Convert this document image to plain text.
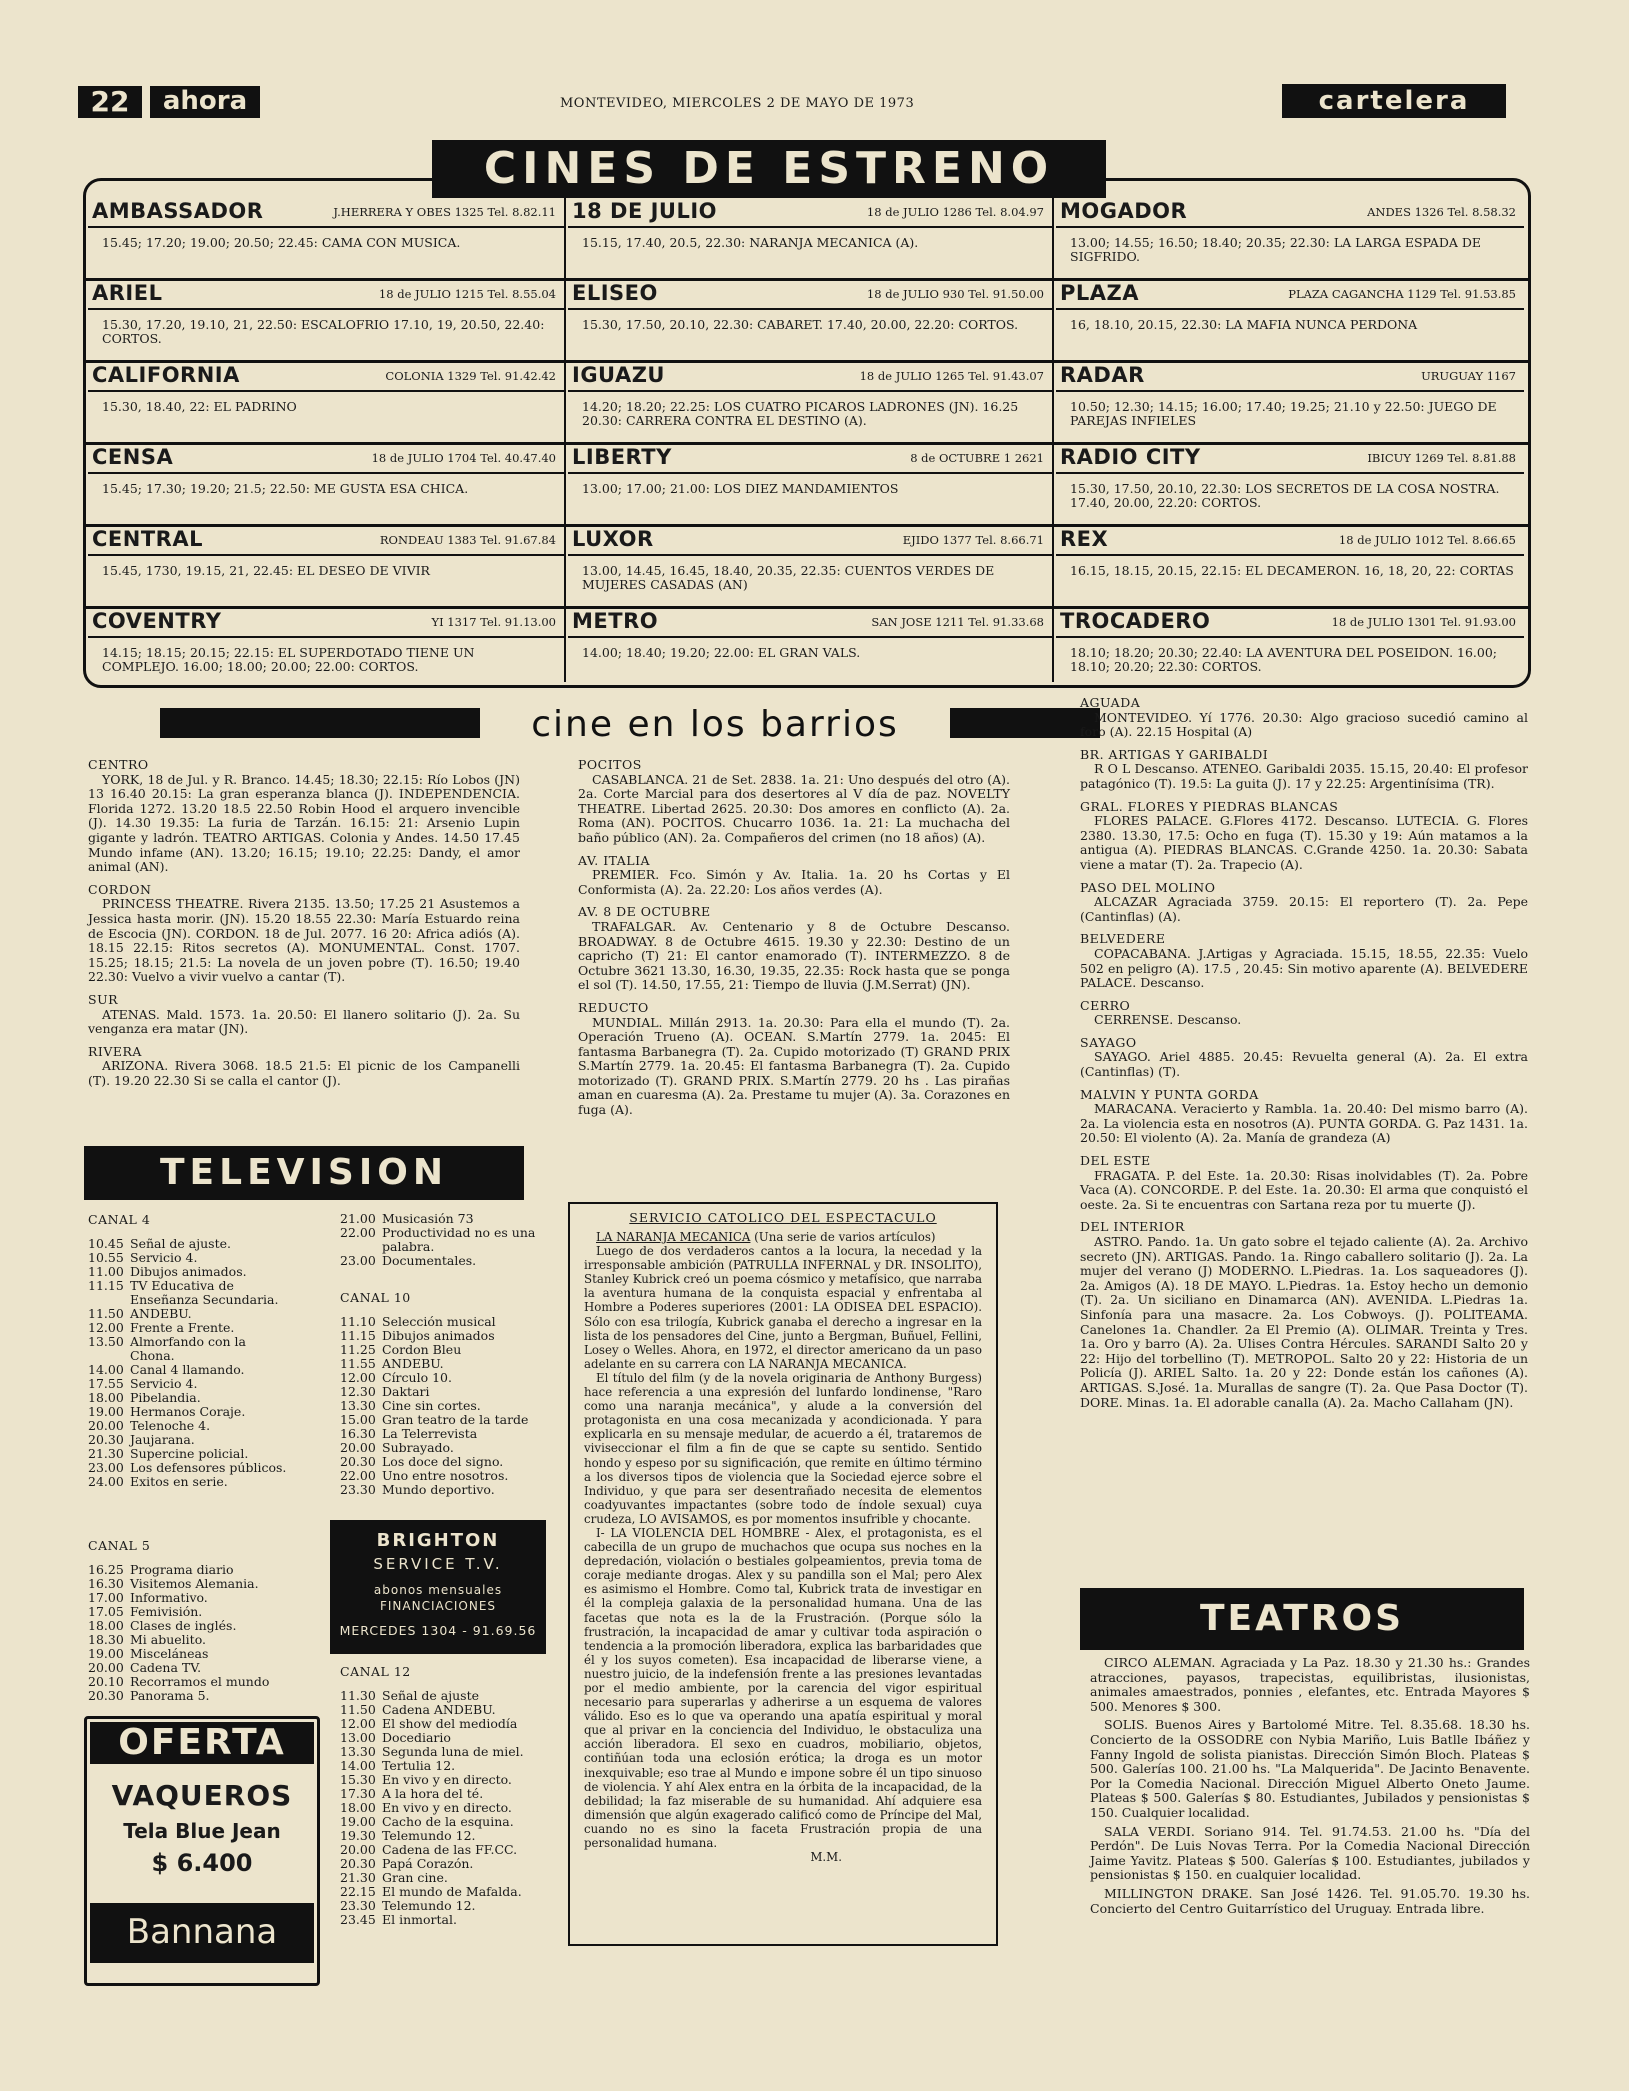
22	ahora	MONTEVIDEO, MIERCOLES 2 DE MAYO DE 1973	cartelera
CINES DE ESTRENO
AMBASSADOR	J.HERRERA Y OBES 1325 Tel. 8.82.11
15.45; 17.20; 19.00; 20.50; 22.45: CAMA CON MUSICA.
ARIEL	18 de JULIO 1215 Tel. 8.55.04
15.30, 17.20, 19.10, 21, 22.50: ESCALOFRIO 17.10, 19, 20.50, 22.40: CORTOS.
CALIFORNIA	COLONIA 1329 Tel. 91.42.42
15.30, 18.40, 22: EL PADRINO
CENSA	18 de JULIO 1704 Tel. 40.47.40
15.45; 17.30; 19.20; 21.5; 22.50: ME GUSTA ESA CHICA.
CENTRAL	RONDEAU 1383 Tel. 91.67.84
15.45, 1730, 19.15, 21, 22.45: EL DESEO DE VIVIR
COVENTRY	YI 1317 Tel. 91.13.00
14.15; 18.15; 20.15; 22.15: EL SUPERDOTADO TIENE UN COMPLEJO. 16.00; 18.00; 20.00; 22.00: CORTOS.
18 DE JULIO	18 de JULIO 1286 Tel. 8.04.97
15.15, 17.40, 20.5, 22.30: NARANJA MECANICA (A).
ELISEO	18 de JULIO 930 Tel. 91.50.00
15.30, 17.50, 20.10, 22.30: CABARET. 17.40, 20.00, 22.20: CORTOS.
IGUAZU	18 de JULIO 1265 Tel. 91.43.07
14.20; 18.20; 22.25: LOS CUATRO PICAROS LADRONES (JN). 16.25 20.30: CARRERA CONTRA EL DESTINO (A).
LIBERTY	8 de OCTUBRE 1 2621
13.00; 17.00; 21.00: LOS DIEZ MANDAMIENTOS
LUXOR	EJIDO 1377 Tel. 8.66.71
13.00, 14.45, 16.45, 18.40, 20.35, 22.35: CUENTOS VERDES DE MUJERES CASADAS (AN)
METRO	SAN JOSE 1211 Tel. 91.33.68
14.00; 18.40; 19.20; 22.00: EL GRAN VALS.
MOGADOR	ANDES 1326 Tel. 8.58.32
13.00; 14.55; 16.50; 18.40; 20.35; 22.30: LA LARGA ESPADA DE SIGFRIDO.
PLAZA	PLAZA CAGANCHA 1129 Tel. 91.53.85
16, 18.10, 20.15, 22.30: LA MAFIA NUNCA PERDONA
RADAR	URUGUAY 1167
10.50; 12.30; 14.15; 16.00; 17.40; 19.25; 21.10 y 22.50: JUEGO DE PAREJAS INFIELES
RADIO CITY	IBICUY 1269 Tel. 8.81.88
15.30, 17.50, 20.10, 22.30: LOS SECRETOS DE LA COSA NOSTRA. 17.40, 20.00, 22.20: CORTOS.
REX	18 de JULIO 1012 Tel. 8.66.65
16.15, 18.15, 20.15, 22.15: EL DECAMERON. 16, 18, 20, 22: CORTAS
TROCADERO	18 de JULIO 1301 Tel. 91.93.00
18.10; 18.20; 20.30; 22.40: LA AVENTURA DEL POSEIDON. 16.00; 18.10; 20.20; 22.30: CORTOS.
cine en los barrios
CENTRO
YORK, 18 de Jul. y R. Branco. 14.45; 18.30; 22.15: Río Lobos (JN) 13 16.40 20.15: La gran esperanza blanca (J). INDEPENDENCIA. Florida 1272. 13.20 18.5 22.50 Robin Hood el arquero invencible (J). 14.30 19.35: La furia de Tarzán. 16.15: 21: Arsenio Lupin gigante y ladrón. TEATRO ARTIGAS. Colonia y Andes. 14.50 17.45 Mundo infame (AN). 13.20; 16.15; 19.10; 22.25: Dandy, el amor animal (AN).
CORDON
PRINCESS THEATRE. Rivera 2135. 13.50; 17.25 21 Asustemos a Jessica hasta morir. (JN). 15.20 18.55 22.30: María Estuardo reina de Escocia (JN). CORDON. 18 de Jul. 2077. 16 20: Africa adiós (A). 18.15 22.15: Ritos secretos (A). MONUMENTAL. Const. 1707. 15.25; 18.15; 21.5: La novela de un joven pobre (T). 16.50; 19.40 22.30: Vuelvo a vivir vuelvo a cantar (T).
SUR
ATENAS. Mald. 1573. 1a. 20.50: El llanero solitario (J). 2a. Su venganza era matar (JN).
RIVERA
ARIZONA. Rivera 3068. 18.5 21.5: El picnic de los Campanelli (T). 19.20 22.30 Si se calla el cantor (J).
POCITOS
CASABLANCA. 21 de Set. 2838. 1a. 21: Uno después del otro (A). 2a. Corte Marcial para dos desertores al V día de paz. NOVELTY THEATRE. Libertad 2625. 20.30: Dos amores en conflicto (A). 2a. Roma (AN). POCITOS. Chucarro 1036. 1a. 21: La muchacha del baño público (AN). 2a. Compañeros del crimen (no 18 años) (A).
AV. ITALIA
PREMIER. Fco. Simón y Av. Italia. 1a. 20 hs Cortas y El Conformista (A). 2a. 22.20: Los años verdes (A).
AV. 8 DE OCTUBRE
TRAFALGAR. Av. Centenario y 8 de Octubre Descanso. BROADWAY. 8 de Octubre 4615. 19.30 y 22.30: Destino de un capricho (T) 21: El cantor enamorado (T). INTERMEZZO. 8 de Octubre 3621 13.30, 16.30, 19.35, 22.35: Rock hasta que se ponga el sol (T). 14.50, 17.55, 21: Tiempo de lluvia (J.M.Serrat) (JN).
REDUCTO
MUNDIAL. Millán 2913. 1a. 20.30: Para ella el mundo (T). 2a. Operación Trueno (A). OCEAN. S.Martín 2779. 1a. 2045: El fantasma Barbanegra (T). 2a. Cupido motorizado (T) GRAND PRIX S.Martín 2779. 1a. 20.45: El fantasma Barbanegra (T). 2a. Cupido motorizado (T). GRAND PRIX. S.Martín 2779. 20 hs . Las pirañas aman en cuaresma (A). 2a. Prestame tu mujer (A). 3a. Corazones en fuga (A).
AGUADA
MONTEVIDEO. Yí 1776. 20.30: Algo gracioso sucedió camino al foro (A). 22.15 Hospital (A)
BR. ARTIGAS Y GARIBALDI
R O L Descanso. ATENEO. Garibaldi 2035. 15.15, 20.40: El profesor patagónico (T). 19.5: La guita (J). 17 y 22.25: Argentinísima (TR).
GRAL. FLORES Y PIEDRAS BLANCAS
FLORES PALACE. G.Flores 4172. Descanso. LUTECIA. G. Flores 2380. 13.30, 17.5: Ocho en fuga (T). 15.30 y 19: Aún matamos a la antigua (A). PIEDRAS BLANCAS. C.Grande 4250. 1a. 20.30: Sabata viene a matar (T). 2a. Trapecio (A).
PASO DEL MOLINO
ALCAZAR Agraciada 3759. 20.15: El reportero (T). 2a. Pepe (Cantinflas) (A).
BELVEDERE
COPACABANA. J.Artigas y Agraciada. 15.15, 18.55, 22.35: Vuelo 502 en peligro (A). 17.5 , 20.45: Sin motivo aparente (A). BELVEDERE PALACE. Descanso.
CERRO
CERRENSE. Descanso.
SAYAGO
SAYAGO. Ariel 4885. 20.45: Revuelta general (A). 2a. El extra (Cantinflas) (T).
MALVIN Y PUNTA GORDA
MARACANA. Veracierto y Rambla. 1a. 20.40: Del mismo barro (A). 2a. La violencia esta en nosotros (A). PUNTA GORDA. G. Paz 1431. 1a. 20.50: El violento (A). 2a. Manía de grandeza (A)
DEL ESTE
FRAGATA. P. del Este. 1a. 20.30: Risas inolvidables (T). 2a. Pobre Vaca (A). CONCORDE. P. del Este. 1a. 20.30: El arma que conquistó el oeste. 2a. Si te encuentras con Sartana reza por tu muerte (J).
DEL INTERIOR
ASTRO. Pando. 1a. Un gato sobre el tejado caliente (A). 2a. Archivo secreto (JN). ARTIGAS. Pando. 1a. Ringo caballero solitario (J). 2a. La mujer del verano (J) MODERNO. L.Piedras. 1a. Los saqueadores (J). 2a. Amigos (A). 18 DE MAYO. L.Piedras. 1a. Estoy hecho un demonio (T). 2a. Un siciliano en Dinamarca (AN). AVENIDA. L.Piedras 1a. Sinfonía para una masacre. 2a. Los Cobwoys. (J). POLITEAMA. Canelones 1a. Chandler. 2a El Premio (A). OLIMAR. Treinta y Tres. 1a. Oro y barro (A). 2a. Ulises Contra Hércules. SARANDI Salto 20 y 22: Hijo del torbellino (T). METROPOL. Salto 20 y 22: Historia de un Policía (J). ARIEL Salto. 1a. 20 y 22: Donde están los cañones (A). ARTIGAS. S.José. 1a. Murallas de sangre (T). 2a. Que Pasa Doctor (T). DORE. Minas. 1a. El adorable canalla (A). 2a. Macho Callaham (JN).
TELEVISION
CANAL 4
10.45 Señal de ajuste.
10.55 Servicio 4.
11.00 Dibujos animados.
11.15 TV Educativa de Enseñanza Secundaria.
11.50 ANDEBU.
12.00 Frente a Frente.
13.50 Almorfando con la Chona.
14.00 Canal 4 llamando.
17.55 Servicio 4.
18.00 Pibelandia.
19.00 Hermanos Coraje.
20.00 Telenoche 4.
20.30 Jaujarana.
21.30 Supercine policial.
23.00 Los defensores públicos.
24.00 Exitos en serie.
21.00 Musicasión 73
22.00 Productividad no es una palabra.
23.00 Documentales.
CANAL 10
11.10 Selección musical
11.15 Dibujos animados
11.25 Cordon Bleu
11.55 ANDEBU.
12.00 Círculo 10.
12.30 Daktari
13.30 Cine sin cortes.
15.00 Gran teatro de la tarde
16.30 La Telerrevista
20.00 Subrayado.
20.30 Los doce del signo.
22.00 Uno entre nosotros.
23.30 Mundo deportivo.
CANAL 5
16.25 Programa diario
16.30 Visitemos Alemania.
17.00 Informativo.
17.05 Femivisión.
18.00 Clases de inglés.
18.30 Mi abuelito.
19.00 Misceláneas
20.00 Cadena TV.
20.10 Recorramos el mundo
20.30 Panorama 5.
CANAL 12
11.30 Señal de ajuste
11.50 Cadena ANDEBU.
12.00 El show del mediodía
13.00 Docediario
13.30 Segunda luna de miel.
14.00 Tertulia 12.
15.30 En vivo y en directo.
17.30 A la hora del té.
18.00 En vivo y en directo.
19.00 Cacho de la esquina.
19.30 Telemundo 12.
20.00 Cadena de las FF.CC.
20.30 Papá Corazón.
21.30 Gran cine.
22.15 El mundo de Mafalda.
23.30 Telemundo 12.
23.45 El inmortal.
BRIGHTON
SERVICE T.V.
abonos mensuales
FINANCIACIONES
MERCEDES 1304 - 91.69.56
OFERTA
VAQUEROS
Tela Blue Jean
$ 6.400
Bannana
SERVICIO CATOLICO DEL ESPECTACULO

LA NARANJA MECANICA (Una serie de varios artículos)

Luego de dos verdaderos cantos a la locura, la necedad y la irresponsable ambición (PATRULLA INFERNAL y DR. INSOLITO), Stanley Kubrick creó un poema cósmico y metafísico, que narraba la aventura humana de la conquista espacial y enfrentaba al Hombre a Poderes superiores (2001: LA ODISEA DEL ESPACIO). Sólo con esa trilogía, Kubrick ganaba el derecho a ingresar en la lista de los pensadores del Cine, junto a Bergman, Buñuel, Fellini, Losey o Welles. Ahora, en 1972, el director americano da un paso adelante en su carrera con LA NARANJA MECANICA.

El título del film (y de la novela originaria de Anthony Burgess) hace referencia a una expresión del lunfardo londinense, "Raro como una naranja mecánica", y alude a la conversión del protagonista en una cosa mecanizada y acondicionada. Y para explicarla en su mensaje medular, de acuerdo a él, trataremos de viviseccionar el film a fin de que se capte su sentido. Sentido hondo y espeso por su significación, que remite en último término a los diversos tipos de violencia que la Sociedad ejerce sobre el Individuo, y que para ser desentrañado necesita de elementos coadyuvantes impactantes (sobre todo de índole sexual) cuya crudeza, LO AVISAMOS, es por momentos insufrible y chocante.

I- LA VIOLENCIA DEL HOMBRE - Alex, el protagonista, es el cabecilla de un grupo de muchachos que ocupa sus noches en la depredación, violación o bestiales golpeamientos, previa toma de coraje mediante drogas. Alex y su pandilla son el Mal; pero Alex es asimismo el Hombre. Como tal, Kubrick trata de investigar en él la compleja galaxia de la personalidad humana. Una de las facetas que nota es la de la Frustración. (Porque sólo la frustración, la incapacidad de amar y cultivar toda aspiración o tendencia a la promoción liberadora, explica las barbaridades que él y los suyos cometen). Esa incapacidad de liberarse viene, a nuestro juicio, de la indefensión frente a las presiones levantadas por el medio ambiente, por la carencia del vigor espiritual necesario para superarlas y adherirse a un esquema de valores válido. Eso es lo que va operando una apatía espiritual y moral que al privar en la conciencia del Individuo, le obstaculiza una acción liberadora. El sexo en cuadros, mobiliario, objetos, contiñúan toda una eclosión erótica; la droga es un motor inexquivable; eso trae al Mundo e impone sobre él un tipo sinuoso de violencia. Y ahí Alex entra en la órbita de la incapacidad, de la debilidad; la faz miserable de su humanidad. Ahí adquiere esa dimensión que algún exagerado calificó como de Príncipe del Mal, cuando no es sino la faceta Frustración propia de una personalidad humana.

M.M.

TEATROS

CIRCO ALEMAN. Agraciada y La Paz. 18.30 y 21.30 hs.: Grandes atracciones, payasos, trapecistas, equilibristas, ilusionistas, animales amaestrados, ponnies , elefantes, etc. Entrada Mayores $ 500. Menores $ 300.

SOLIS. Buenos Aires y Bartolomé Mitre. Tel. 8.35.68. 18.30 hs. Concierto de la OSSODRE con Nybia Mariño, Luis Batlle Ibáñez y Fanny Ingold de solista pianistas. Dirección Simón Bloch. Plateas $ 500. Galerías 100. 21.00 hs. "La Malquerida". De Jacinto Benavente. Por la Comedia Nacional. Dirección Miguel Alberto Oneto Jaume. Plateas $ 500. Galerías $ 80. Estudiantes, Jubilados y pensionistas $ 150. Cualquier localidad.

SALA VERDI. Soriano 914. Tel. 91.74.53. 21.00 hs. "Día del Perdón". De Luis Novas Terra. Por la Comedia Nacional Dirección Jaime Yavitz. Plateas $ 500. Galerías $ 100. Estudiantes, jubilados y pensionistas $ 150. en cualquier localidad.

MILLINGTON DRAKE. San José 1426. Tel. 91.05.70. 19.30 hs. Concierto del Centro Guitarrístico del Uruguay. Entrada libre.
